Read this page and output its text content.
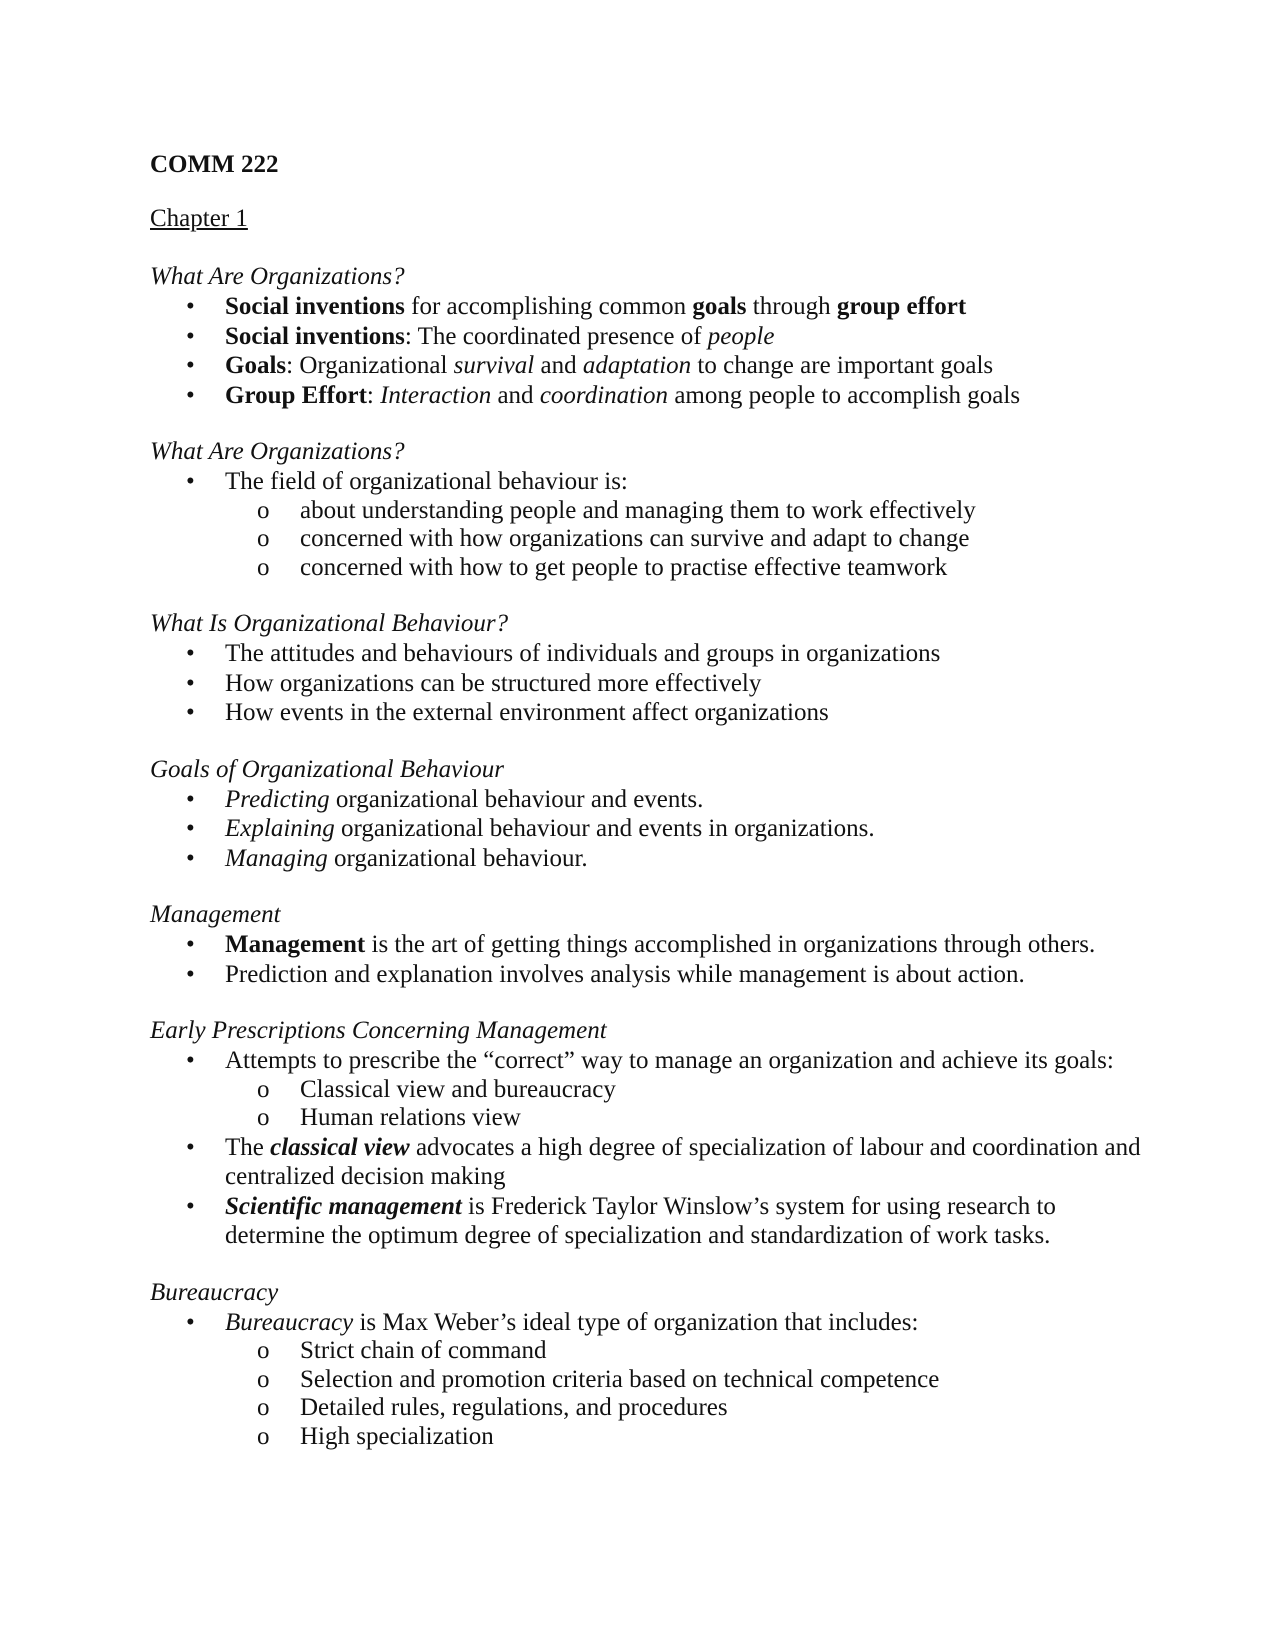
COMM 222
Chapter 1
What Are Organizations?
• Social inventions for accomplishing common goals through group effort
• Social inventions: The coordinated presence of people
• Goals: Organizational survival and adaptation to change are important goals
• Group Effort: Interaction and coordination among people to accomplish goals
What Are Organizations?
• The field of organizational behaviour is:
o about understanding people and managing them to work effectively
o concerned with how organizations can survive and adapt to change
o concerned with how to get people to practise effective teamwork
What Is Organizational Behaviour?
• The attitudes and behaviours of individuals and groups in organizations
• How organizations can be structured more effectively
• How events in the external environment affect organizations
Goals of Organizational Behaviour
• Predicting organizational behaviour and events.
• Explaining organizational behaviour and events in organizations.
• Managing organizational behaviour.
Management
• Management is the art of getting things accomplished in organizations through others.
• Prediction and explanation involves analysis while management is about action.
Early Prescriptions Concerning Management
• Attempts to prescribe the “correct” way to manage an organization and achieve its goals:
o Classical view and bureaucracy
o Human relations view
• The classical view advocates a high degree of specialization of labour and coordination and centralized decision making
• Scientific management is Frederick Taylor Winslow’s system for using research to determine the optimum degree of specialization and standardization of work tasks.
Bureaucracy
• Bureaucracy is Max Weber’s ideal type of organization that includes:
o Strict chain of command
o Selection and promotion criteria based on technical competence
o Detailed rules, regulations, and procedures
o High specialization
